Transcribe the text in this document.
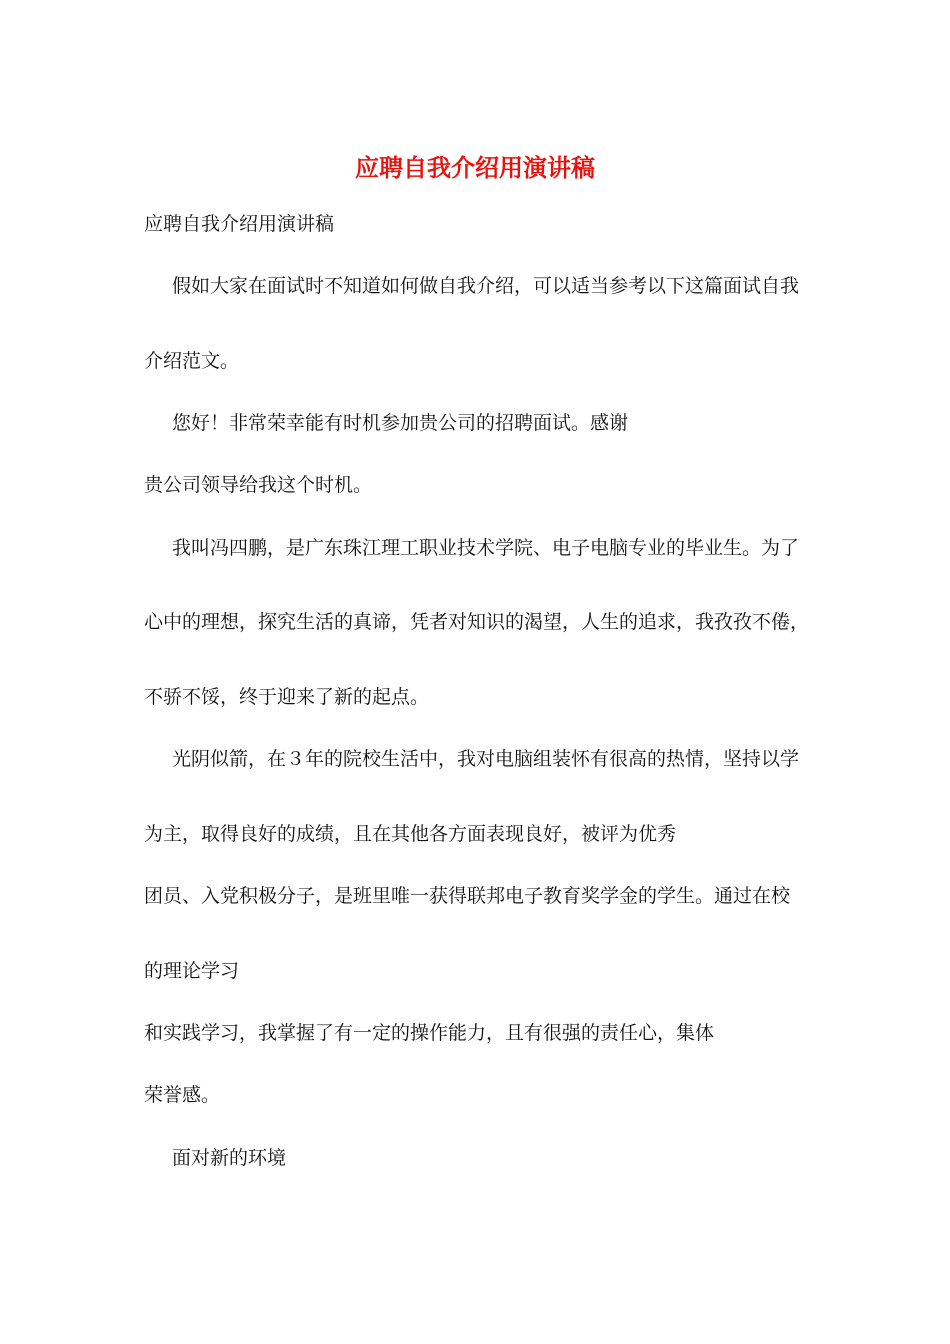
应聘自我介绍用演讲稿
应聘自我介绍用演讲稿
假如大家在面试时不知道如何做自我介绍，可以适当参考以下这篇面试自我
介绍范文。
您好！非常荣幸能有时机参加贵公司的招聘面试。感谢
贵公司领导给我这个时机。
我叫冯四鹏，是广东珠江理工职业技术学院、电子电脑专业的毕业生。为了
心中的理想，探究生活的真谛，凭者对知识的渴望，人生的追求，我孜孜不倦，
不骄不馁，终于迎来了新的起点。
光阴似箭，在３年的院校生活中，我对电脑组装怀有很高的热情，坚持以学
为主，取得良好的成绩，且在其他各方面表现良好，被评为优秀
团员、入党积极分子，是班里唯一获得联邦电子教育奖学金的学生。通过在校
的理论学习
和实践学习，我掌握了有一定的操作能力，且有很强的责任心，集体
荣誉感。
面对新的环境
